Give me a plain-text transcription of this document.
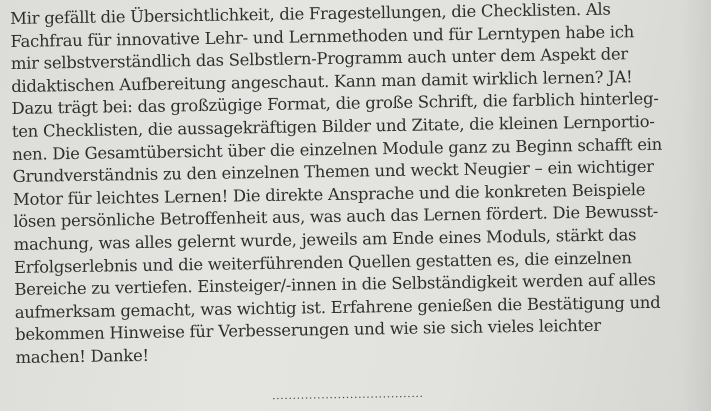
Mir gefällt die Übersichtlichkeit, die Fragestellungen, die Checklisten. Als
Fachfrau für innovative Lehr- und Lernmethoden und für Lerntypen habe ich
mir selbstverständlich das Selbstlern-Programm auch unter dem Aspekt der
didaktischen Aufbereitung angeschaut. Kann man damit wirklich lernen? JA!
Dazu trägt bei: das großzügige Format, die große Schrift, die farblich hinterleg-
ten Checklisten, die aussagekräftigen Bilder und Zitate, die kleinen Lernportio-
nen. Die Gesamtübersicht über die einzelnen Module ganz zu Beginn schafft ein
Grundverständnis zu den einzelnen Themen und weckt Neugier – ein wichtiger
Motor für leichtes Lernen! Die direkte Ansprache und die konkreten Beispiele
lösen persönliche Betroffenheit aus, was auch das Lernen fördert. Die Bewusst-
machung, was alles gelernt wurde, jeweils am Ende eines Moduls, stärkt das
Erfolgserlebnis und die weiterführenden Quellen gestatten es, die einzelnen
Bereiche zu vertiefen. Einsteiger/-innen in die Selbständigkeit werden auf alles
aufmerksam gemacht, was wichtig ist. Erfahrene genießen die Bestätigung und
bekommen Hinweise für Verbesserungen und wie sie sich vieles leichter
machen! Danke!
.....................................
